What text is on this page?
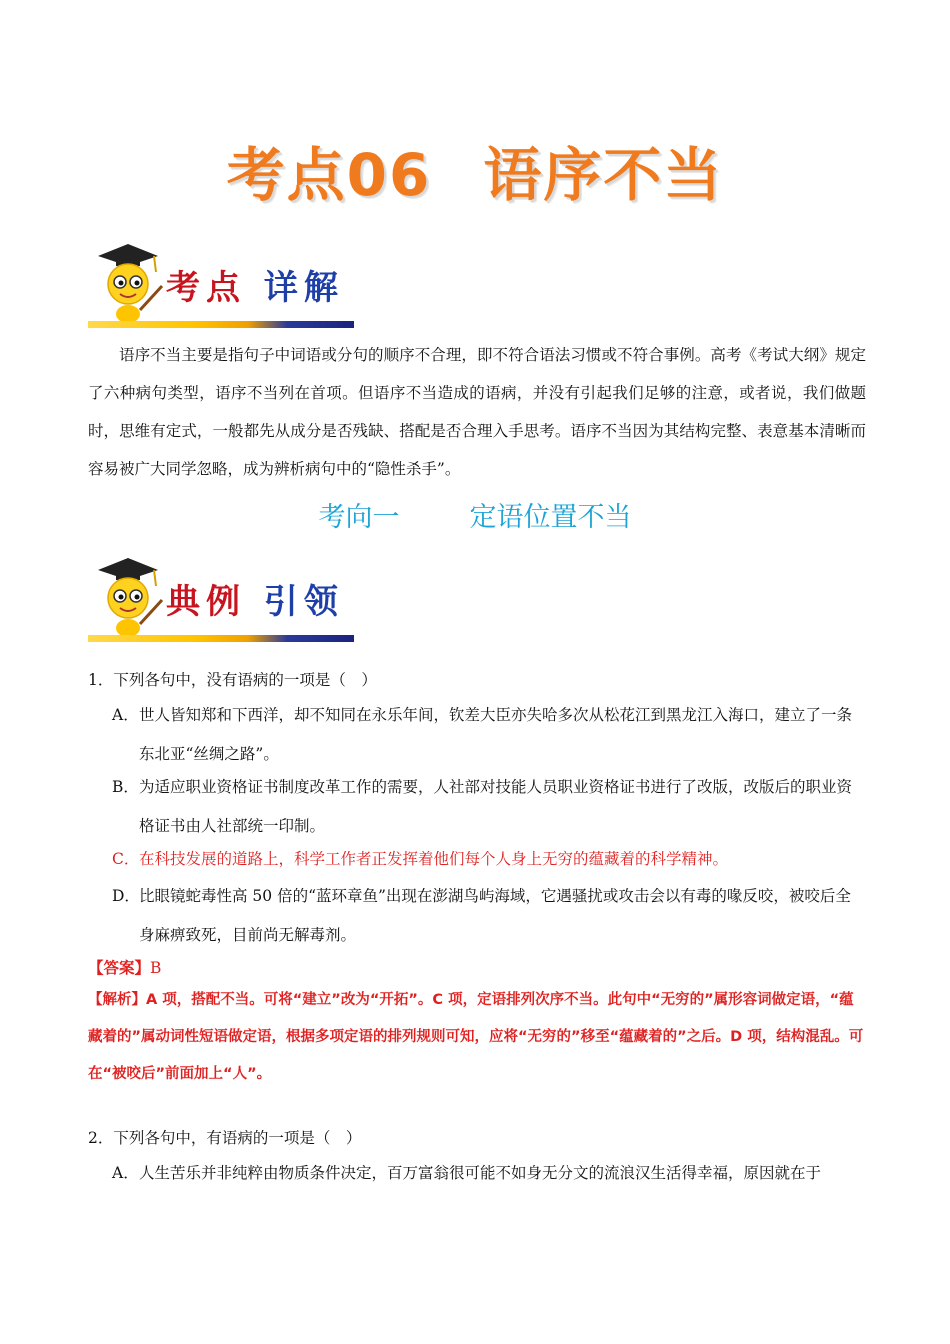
考点06 语序不当
考点 详解
语序不当主要是指句子中词语或分句的顺序不合理，即不符合语法习惯或不符合事例。高考《考试大纲》规定了六种病句类型，语序不当列在首项。但语序不当造成的语病，并没有引起我们足够的注意，或者说，我们做题时，思维有定式，一般都先从成分是否残缺、搭配是否合理入手思考。语序不当因为其结构完整、表意基本清晰而容易被广大同学忽略，成为辨析病句中的“隐性杀手”。
考向一	定语位置不当
典例 引领
1．下列各句中，没有语病的一项是（　）
A． 世人皆知郑和下西洋，却不知同在永乐年间，钦差大臣亦失哈多次从松花江到黑龙江入海口，建立了一条东北亚“丝绸之路”。
B． 为适应职业资格证书制度改革工作的需要，人社部对技能人员职业资格证书进行了改版，改版后的职业资格证书由人社部统一印制。
C． 在科技发展的道路上，科学工作者正发挥着他们每个人身上无穷的蕴藏着的科学精神。
D． 比眼镜蛇毒性高 50 倍的“蓝环章鱼”出现在澎湖鸟屿海域，它遇骚扰或攻击会以有毒的喙反咬，被咬后全身麻痹致死，目前尚无解毒剂。
【答案】B
【解析】A 项，搭配不当。可将“建立”改为“开拓”。C 项，定语排列次序不当。此句中“无穷的”属形容词做定语，“蕴藏着的”属动词性短语做定语，根据多项定语的排列规则可知，应将“无穷的”移至“蕴藏着的”之后。D 项，结构混乱。可在“被咬后”前面加上“人”。
2．下列各句中，有语病的一项是（　）
A． 人生苦乐并非纯粹由物质条件决定，百万富翁很可能不如身无分文的流浪汉生活得幸福，原因就在于
